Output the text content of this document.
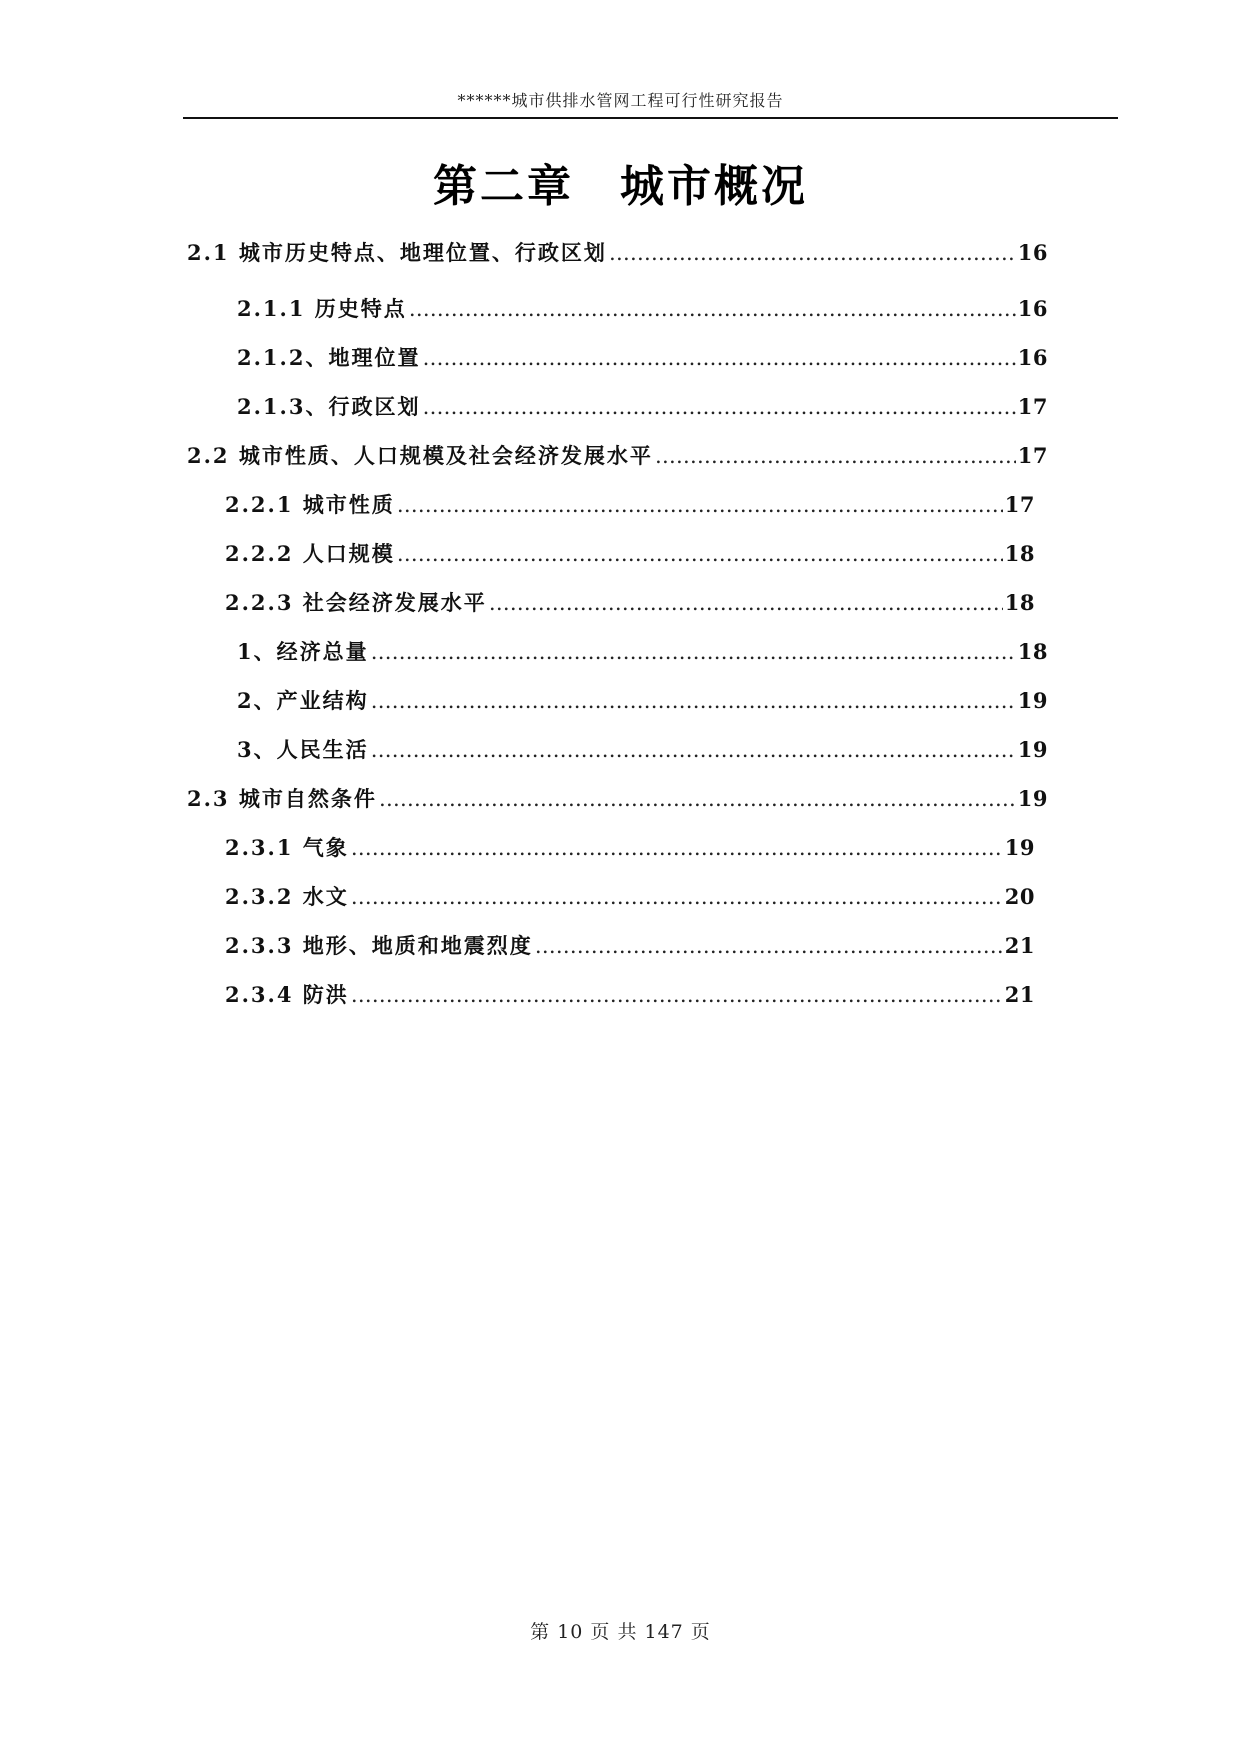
******城市供排水管网工程可行性研究报告
第二章 城市概况
2.1 城市历史特点、地理位置、行政区划 ………………………………………………………………………………………………………………………………………………………………………………………………………	16
2.1.1 历史特点 ………………………………………………………………………………………………………………………………………………………………………………………………………	16
2.1.2、地理位置 ………………………………………………………………………………………………………………………………………………………………………………………………………	16
2.1.3、行政区划 ………………………………………………………………………………………………………………………………………………………………………………………………………	17
2.2 城市性质、人口规模及社会经济发展水平 ………………………………………………………………………………………………………………………………………………………………………………………………………	17
2.2.1 城市性质 ………………………………………………………………………………………………………………………………………………………………………………………………………	17
2.2.2 人口规模 ………………………………………………………………………………………………………………………………………………………………………………………………………	18
2.2.3 社会经济发展水平 ………………………………………………………………………………………………………………………………………………………………………………………………………	18
1、经济总量 ………………………………………………………………………………………………………………………………………………………………………………………………………	18
2、产业结构 ………………………………………………………………………………………………………………………………………………………………………………………………………	19
3、人民生活 ………………………………………………………………………………………………………………………………………………………………………………………………………	19
2.3 城市自然条件 ………………………………………………………………………………………………………………………………………………………………………………………………………	19
2.3.1 气象 ………………………………………………………………………………………………………………………………………………………………………………………………………	19
2.3.2 水文 ………………………………………………………………………………………………………………………………………………………………………………………………………	20
2.3.3 地形、地质和地震烈度 ………………………………………………………………………………………………………………………………………………………………………………………………………	21
2.3.4 防洪 ………………………………………………………………………………………………………………………………………………………………………………………………………	21
第 10 页 共 147 页
